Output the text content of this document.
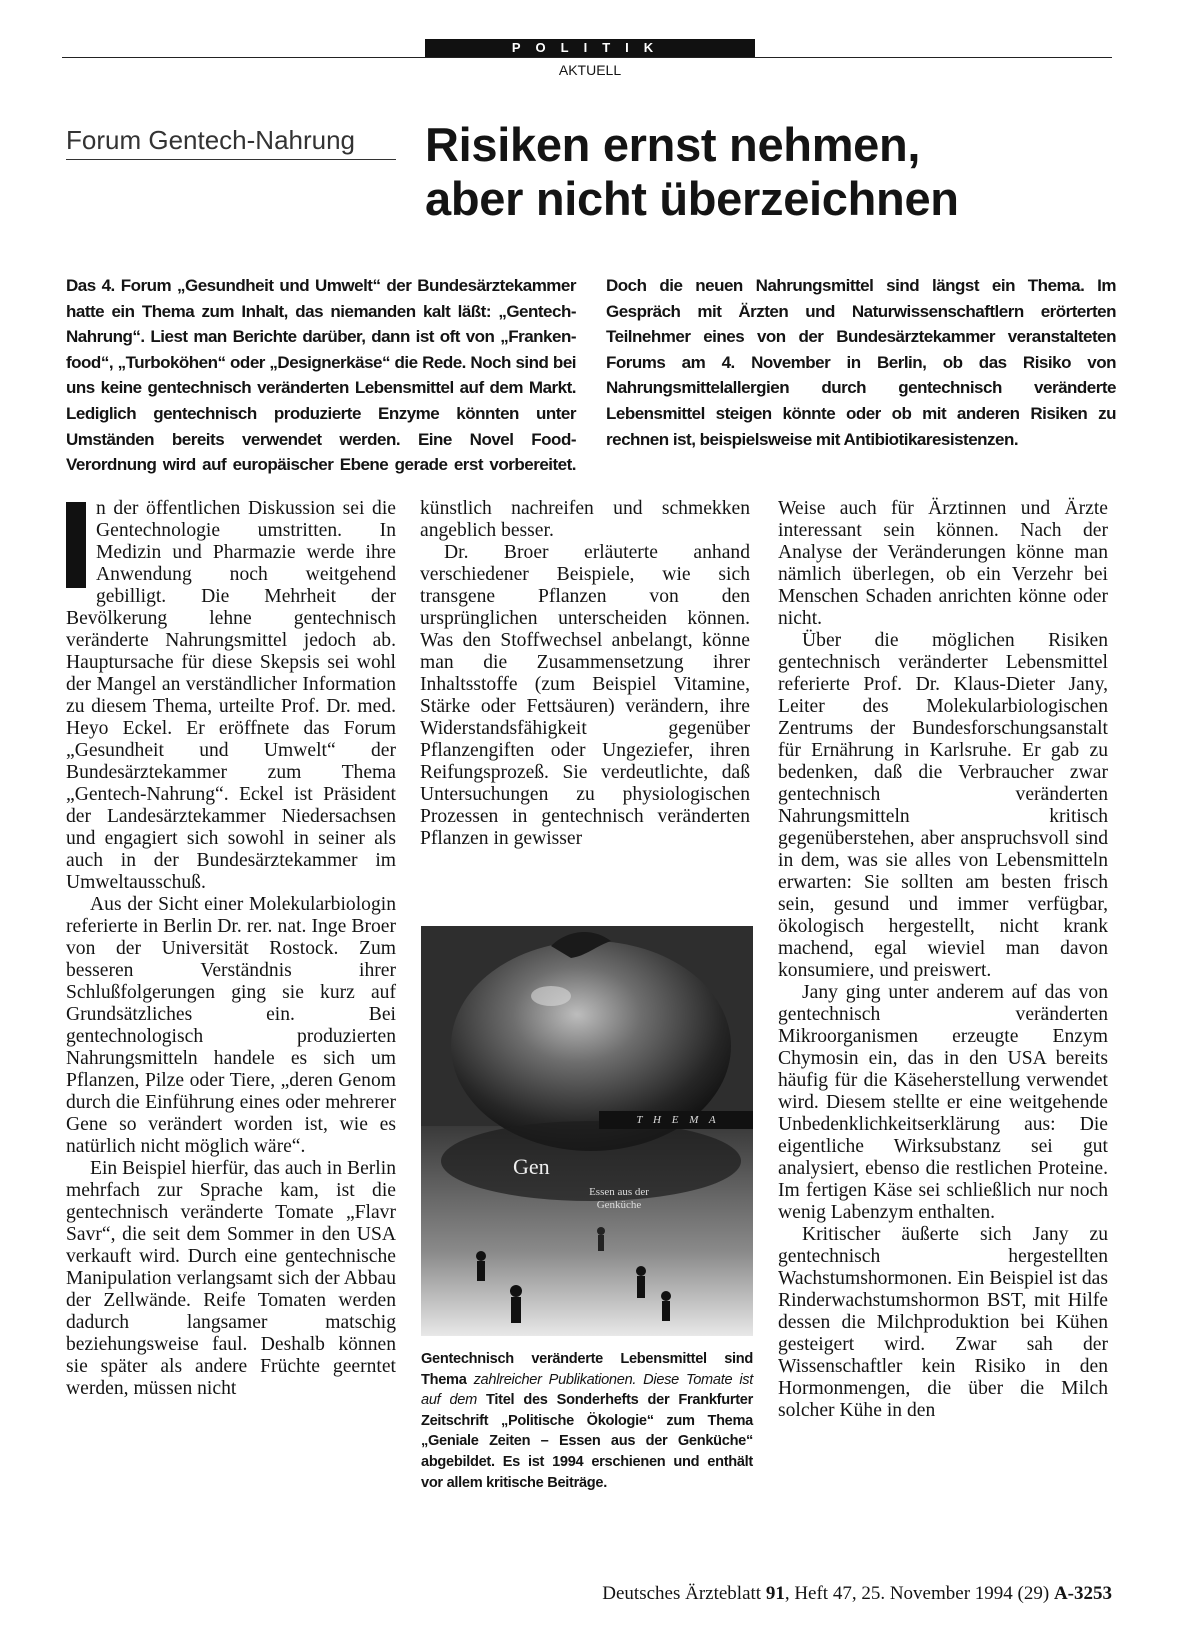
POLITIK
AKTUELL
Forum Gentech-Nahrung	Risiken ernst nehmen,
aber nicht überzeichnen

Das 4. Forum „Gesundheit und Umwelt“ der Bundesärztekammer hatte ein Thema zum Inhalt, das niemanden kalt läßt: „Gentech-Nahrung“. Liest man Berichte darüber, dann ist oft von „Franken-food“, „Turboköhen“ oder „Designerkäse“ die Rede. Noch sind bei uns keine gentechnisch veränderten Lebensmittel auf dem Markt. Lediglich gentechnisch produzierte Enzyme könnten unter Umständen bereits verwendet werden. Eine Novel Food-Verordnung wird auf europäischer Ebene gerade erst vorbereitet. Doch die neuen Nahrungsmittel sind längst ein Thema. Im Gespräch mit Ärzten und Naturwissenschaftlern erörterten Teilnehmer eines von der Bundesärztekammer veranstalteten Forums am 4. November in Berlin, ob das Risiko von Nahrungsmittelallergien durch gentechnisch veränderte Lebensmittel steigen könnte oder ob mit anderen Risiken zu rechnen ist, beispielsweise mit Antibiotikaresistenzen.

n der öffentlichen Diskussion sei die Gentechnologie umstritten. In Medizin und Pharmazie werde ihre Anwendung noch weitgehend gebilligt. Die Mehrheit der Bevölkerung lehne gentechnisch veränderte Nahrungsmittel jedoch ab. Hauptursache für diese Skepsis sei wohl der Mangel an verständlicher Information zu diesem Thema, urteilte Prof. Dr. med. Heyo Eckel. Er eröffnete das Forum „Gesundheit und Umwelt“ der Bundesärztekammer zum Thema „Gentech-Nahrung“. Eckel ist Präsident der Landesärztekammer Niedersachsen und engagiert sich sowohl in seiner als auch in der Bundesärztekammer im Umweltausschuß.

Aus der Sicht einer Molekularbiologin referierte in Berlin Dr. rer. nat. Inge Broer von der Universität Rostock. Zum besseren Verständnis ihrer Schlußfolgerungen ging sie kurz auf Grundsätzliches ein. Bei gentechnologisch produzierten Nahrungsmitteln handele es sich um Pflanzen, Pilze oder Tiere, „deren Genom durch die Einführung eines oder mehrerer Gene so verändert worden ist, wie es natürlich nicht möglich wäre“.

Ein Beispiel hierfür, das auch in Berlin mehrfach zur Sprache kam, ist die gentechnisch veränderte Tomate „Flavr Savr“, die seit dem Sommer in den USA verkauft wird. Durch eine gentechnische Manipulation verlangsamt sich der Abbau der Zellwände. Reife Tomaten werden dadurch langsamer matschig beziehungsweise faul. Deshalb können sie später als andere Früchte geerntet werden, müssen nicht

künstlich nachreifen und schmekken angeblich besser.

Dr. Broer erläuterte anhand verschiedener Beispiele, wie sich transgene Pflanzen von den ursprünglichen unterscheiden können. Was den Stoffwechsel anbelangt, könne man die Zusammensetzung ihrer Inhaltsstoffe (zum Beispiel Vitamine, Stärke oder Fettsäuren) verändern, ihre Widerstandsfähigkeit gegenüber Pflanzengiften oder Ungeziefer, ihren Reifungsprozeß. Sie verdeutlichte, daß Untersuchungen zu physiologischen Prozessen in gentechnisch veränderten Pflanzen in gewisser

T H E M A
Gen
Essen aus der
Genküche

Gentechnisch veränderte Lebensmittel sind Thema zahlreicher Publikationen. Diese Tomate ist auf dem Titel des Sonderhefts der Frankfurter Zeitschrift „Politische Ökologie“ zum Thema „Geniale Zeiten – Essen aus der Genküche“ abgebildet. Es ist 1994 erschienen und enthält vor allem kritische Beiträge.

Weise auch für Ärztinnen und Ärzte interessant sein können. Nach der Analyse der Veränderungen könne man nämlich überlegen, ob ein Verzehr bei Menschen Schaden anrichten könne oder nicht.

Über die möglichen Risiken gentechnisch veränderter Lebensmittel referierte Prof. Dr. Klaus-Dieter Jany, Leiter des Molekularbiologischen Zentrums der Bundesforschungsanstalt für Ernährung in Karlsruhe. Er gab zu bedenken, daß die Verbraucher zwar gentechnisch veränderten Nahrungsmitteln kritisch gegenüberstehen, aber anspruchsvoll sind in dem, was sie alles von Lebensmitteln erwarten: Sie sollten am besten frisch sein, gesund und immer verfügbar, ökologisch hergestellt, nicht krank machend, egal wieviel man davon konsumiere, und preiswert.

Jany ging unter anderem auf das von gentechnisch veränderten Mikroorganismen erzeugte Enzym Chymosin ein, das in den USA bereits häufig für die Käseherstellung verwendet wird. Diesem stellte er eine weitgehende Unbedenklichkeitserklärung aus: Die eigentliche Wirksubstanz sei gut analysiert, ebenso die restlichen Proteine. Im fertigen Käse sei schließlich nur noch wenig Labenzym enthalten.

Kritischer äußerte sich Jany zu gentechnisch hergestellten Wachstumshormonen. Ein Beispiel ist das Rinderwachstumshormon BST, mit Hilfe dessen die Milchproduktion bei Kühen gesteigert wird. Zwar sah der Wissenschaftler kein Risiko in den Hormonmengen, die über die Milch solcher Kühe in den

Deutsches Ärzteblatt 91, Heft 47, 25. November 1994 (29) A-3253
